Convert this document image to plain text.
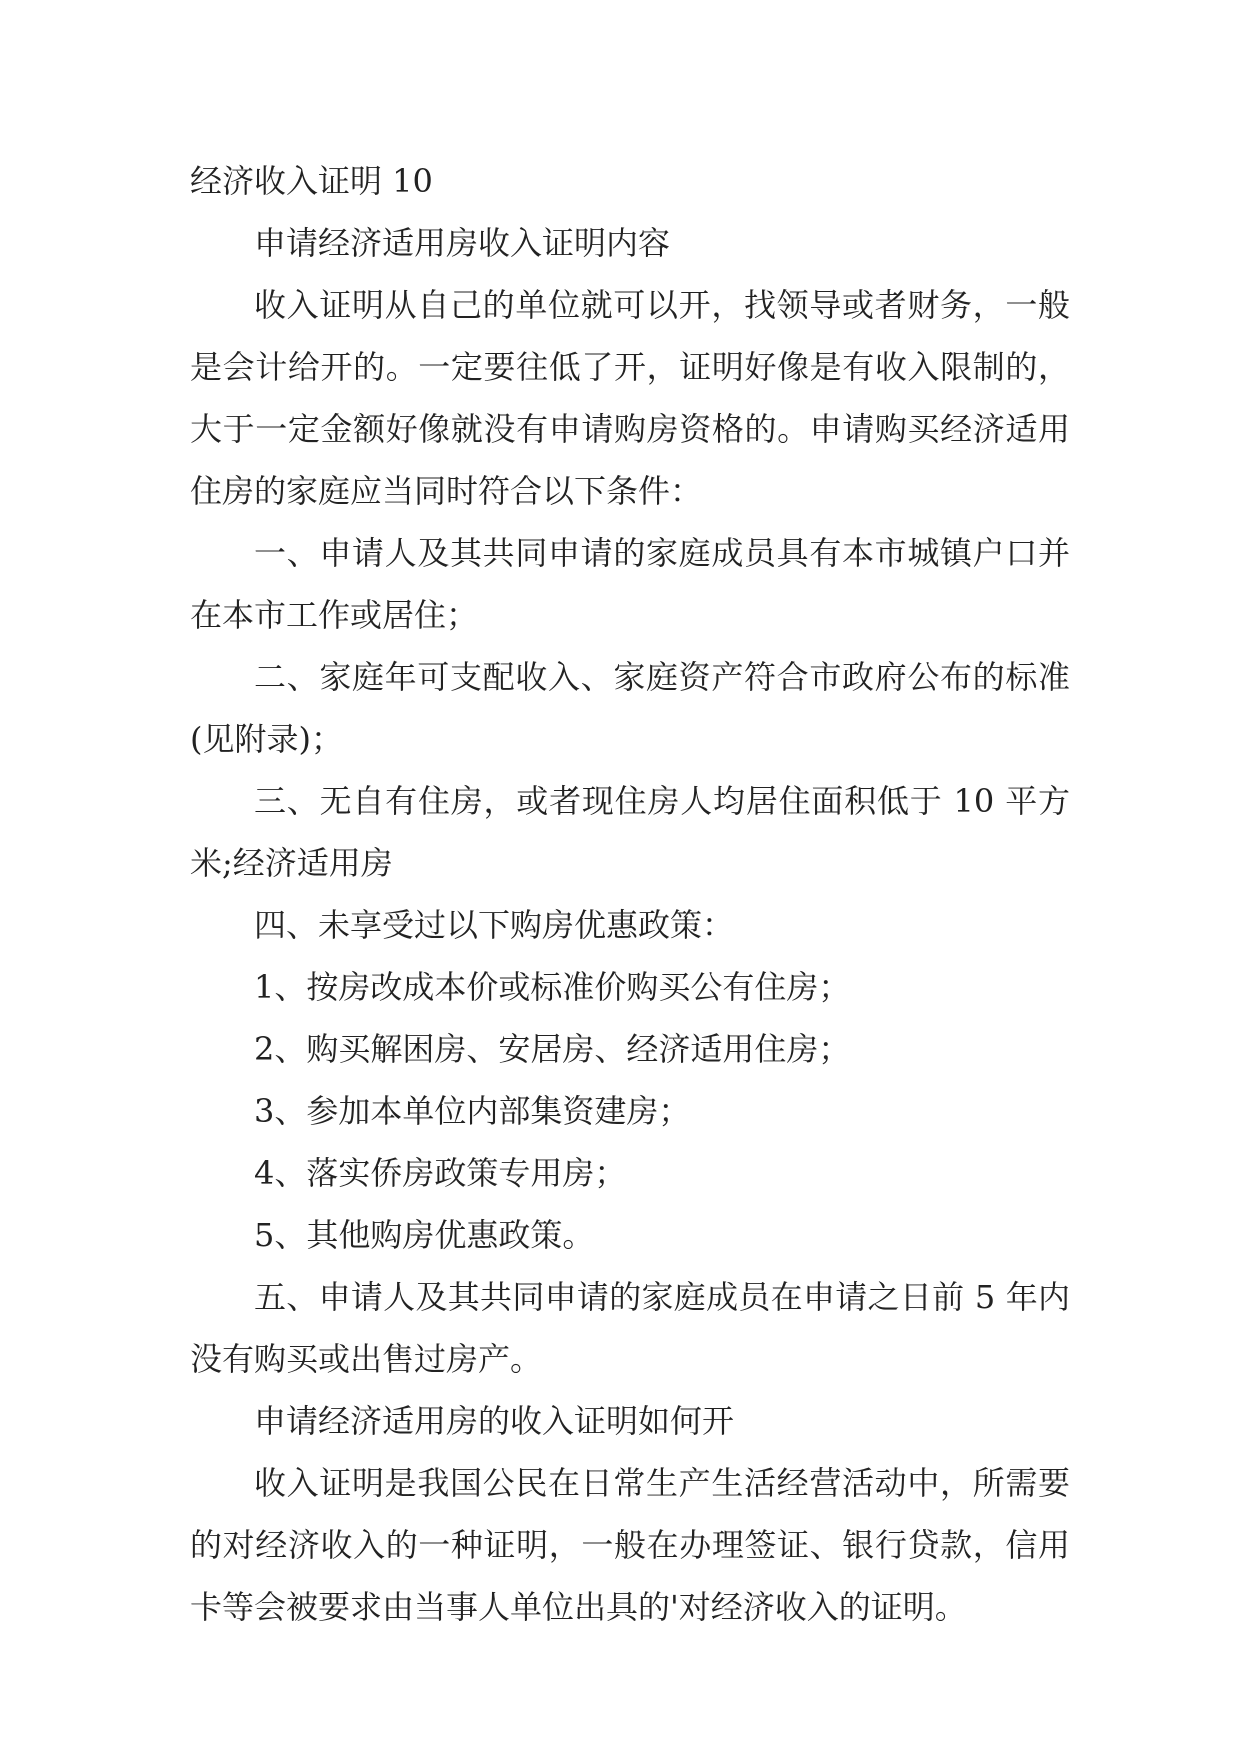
经济收入证明 10

申请经济适用房收入证明内容

收入证明从自己的单位就可以开，找领导或者财务，一般是会计给开的。一定要往低了开，证明好像是有收入限制的，大于一定金额好像就没有申请购房资格的。申请购买经济适用住房的家庭应当同时符合以下条件：

一、申请人及其共同申请的家庭成员具有本市城镇户口并在本市工作或居住；

二、家庭年可支配收入、家庭资产符合市政府公布的标准(见附录)；

三、无自有住房，或者现住房人均居住面积低于 10 平方米;经济适用房

四、未享受过以下购房优惠政策：

1、按房改成本价或标准价购买公有住房；

2、购买解困房、安居房、经济适用住房；

3、参加本单位内部集资建房；

4、落实侨房政策专用房；

5、其他购房优惠政策。

五、申请人及其共同申请的家庭成员在申请之日前 5 年内没有购买或出售过房产。

申请经济适用房的收入证明如何开

收入证明是我国公民在日常生产生活经营活动中，所需要的对经济收入的一种证明，一般在办理签证、银行贷款，信用卡等会被要求由当事人单位出具的'对经济收入的证明。
